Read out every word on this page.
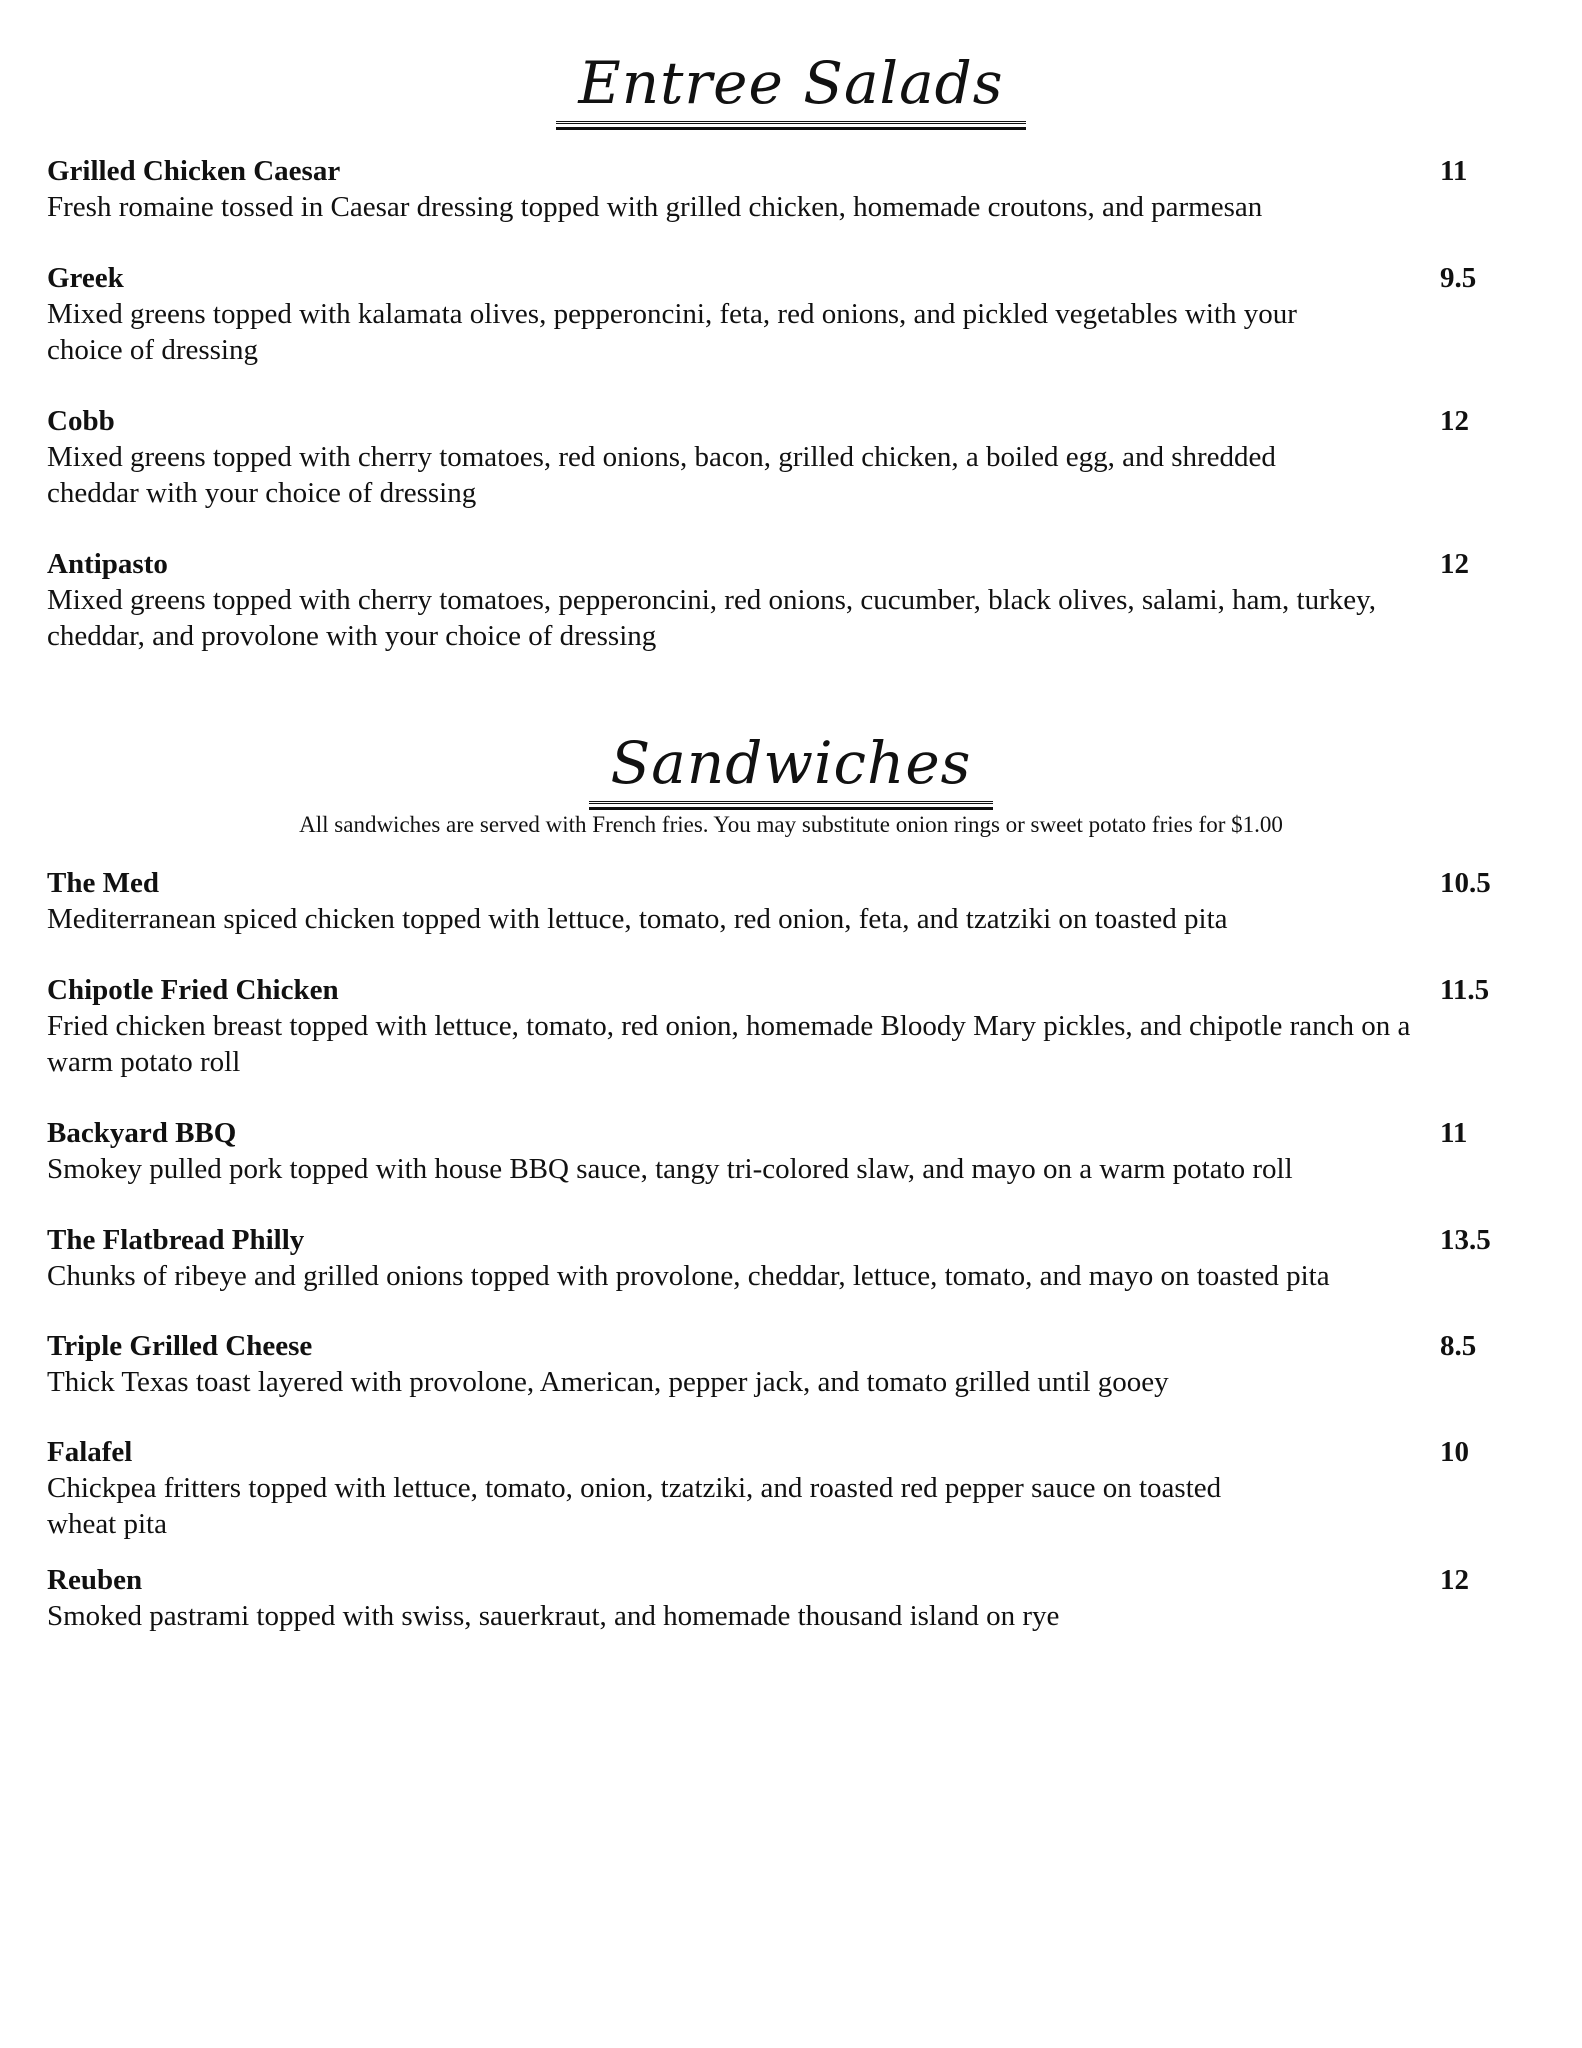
Entree Salads
Grilled Chicken Caesar	11
Fresh romaine tossed in Caesar dressing topped with grilled chicken, homemade croutons, and parmesan
Greek	9.5
Mixed greens topped with kalamata olives, pepperoncini, feta, red onions, and pickled vegetables with your choice of dressing
Cobb	12
Mixed greens topped with cherry tomatoes, red onions, bacon, grilled chicken, a boiled egg, and shredded cheddar with your choice of dressing
Antipasto	12
Mixed greens topped with cherry tomatoes, pepperoncini, red onions, cucumber, black olives, salami, ham, turkey, cheddar, and provolone with your choice of dressing
Sandwiches
All sandwiches are served with French fries. You may substitute onion rings or sweet potato fries for $1.00
The Med	10.5
Mediterranean spiced chicken topped with lettuce, tomato, red onion, feta, and tzatziki on toasted pita
Chipotle Fried Chicken	11.5
Fried chicken breast topped with lettuce, tomato, red onion, homemade Bloody Mary pickles, and chipotle ranch on a warm potato roll
Backyard BBQ	11
Smokey pulled pork topped with house BBQ sauce, tangy tri-colored slaw, and mayo on a warm potato roll
The Flatbread Philly	13.5
Chunks of ribeye and grilled onions topped with provolone, cheddar, lettuce, tomato, and mayo on toasted pita
Triple Grilled Cheese	8.5
Thick Texas toast layered with provolone, American, pepper jack, and tomato grilled until gooey
Falafel	10
Chickpea fritters topped with lettuce, tomato, onion, tzatziki, and roasted red pepper sauce on toasted wheat pita
Reuben	12
Smoked pastrami topped with swiss, sauerkraut, and homemade thousand island on rye
